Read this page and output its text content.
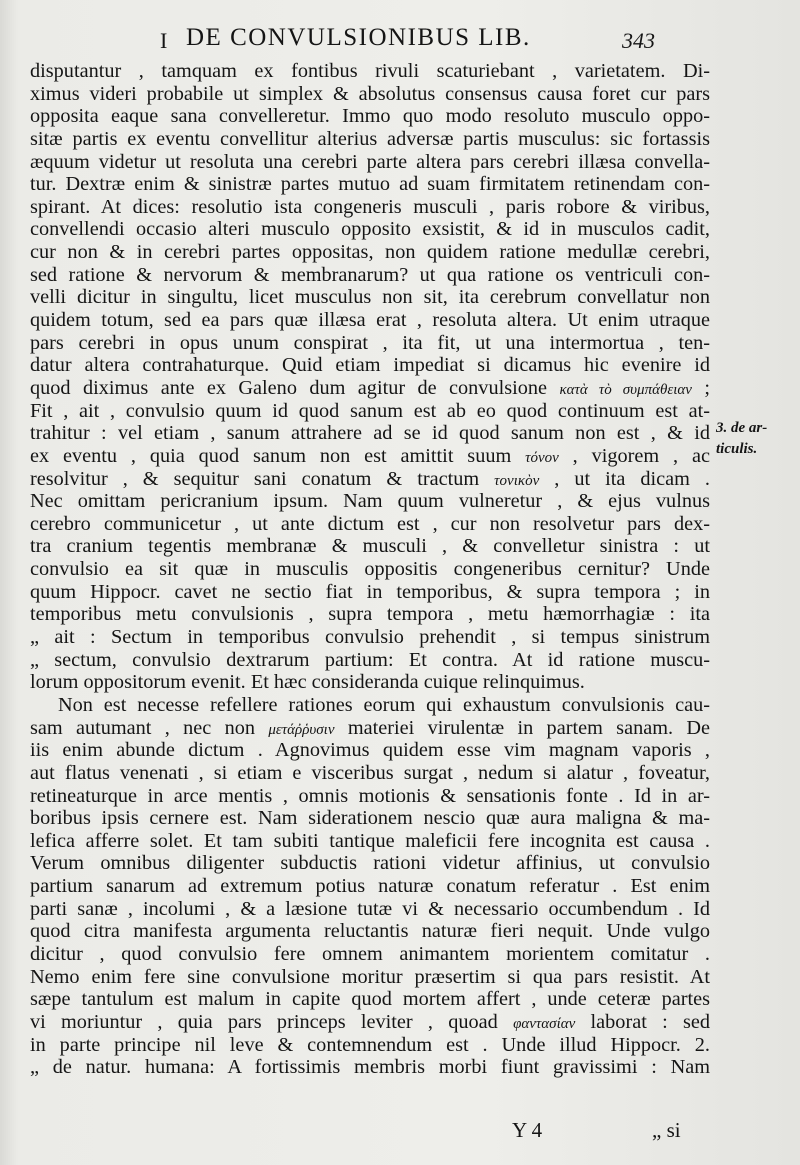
I DE CONVULSIONIBUS LIB.	343
disputantur , tamquam ex fontibus rivuli scaturiebant , varietatem. Di-
ximus videri probabile ut simplex & absolutus consensus causa foret cur pars
opposita eaque sana convelleretur. Immo quo modo resoluto musculo oppo-
sitæ partis ex eventu convellitur alterius adversæ partis musculus: sic fortassis
æquum videtur ut resoluta una cerebri parte altera pars cerebri illæsa convella-
tur. Dextræ enim & sinistræ partes mutuo ad suam firmitatem retinendam con-
spirant. At dices: resolutio ista congeneris musculi , paris robore & viribus,
convellendi occasio alteri musculo opposito exsistit, & id in musculos cadit,
cur non & in cerebri partes oppositas, non quidem ratione medullæ cerebri,
sed ratione & nervorum & membranarum? ut qua ratione os ventriculi con-
velli dicitur in singultu, licet musculus non sit, ita cerebrum convellatur non
quidem totum, sed ea pars quæ illæsa erat , resoluta altera. Ut enim utraque
pars cerebri in opus unum conspirat , ita fit, ut una intermortua , ten-
datur altera contrahaturque. Quid etiam impediat si dicamus hic evenire id
quod diximus ante ex Galeno dum agitur de convulsione κατὰ τὸ συμπάθειαν ;
Fit , ait , convulsio quum id quod sanum est ab eo quod continuum est at-
trahitur : vel etiam , sanum attrahere ad se id quod sanum non est , & id
ex eventu , quia quod sanum non est amittit suum τόνον , vigorem , ac
resolvitur , & sequitur sani conatum & tractum τονικὸν , ut ita dicam .
Nec omittam pericranium ipsum. Nam quum vulneretur , & ejus vulnus
cerebro communicetur , ut ante dictum est , cur non resolvetur pars dex-
tra cranium tegentis membranæ & musculi , & convelletur sinistra : ut
convulsio ea sit quæ in musculis oppositis congeneribus cernitur? Unde
quum Hippocr. cavet ne sectio fiat in temporibus, & supra tempora ; in
temporibus metu convulsionis , supra tempora , metu hæmorrhagiæ : ita
„ ait : Sectum in temporibus convulsio prehendit , si tempus sinistrum
„ sectum, convulsio dextrarum partium: Et contra. At id ratione muscu-
lorum oppositorum evenit. Et hæc consideranda cuique relinquimus.
Non est necesse refellere rationes eorum qui exhaustum convulsionis cau-
sam autumant , nec non μετάῤῥυσιν materiei virulentæ in partem sanam. De
iis enim abunde dictum . Agnovimus quidem esse vim magnam vaporis ,
aut flatus venenati , si etiam e visceribus surgat , nedum si alatur , foveatur,
retineaturque in arce mentis , omnis motionis & sensationis fonte . Id in ar-
boribus ipsis cernere est. Nam siderationem nescio quæ aura maligna & ma-
lefica afferre solet. Et tam subiti tantique maleficii fere incognita est causa .
Verum omnibus diligenter subductis rationi videtur affinius, ut convulsio
partium sanarum ad extremum potius naturæ conatum referatur . Est enim
parti sanæ , incolumi , & a læsione tutæ vi & necessario occumbendum . Id
quod citra manifesta argumenta reluctantis naturæ fieri nequit. Unde vulgo
dicitur , quod convulsio fere omnem animantem morientem comitatur .
Nemo enim fere sine convulsione moritur præsertim si qua pars resistit. At
sæpe tantulum est malum in capite quod mortem affert , unde ceteræ partes
vi moriuntur , quia pars princeps leviter , quoad φαντασίαν laborat : sed
in parte principe nil leve & contemnendum est . Unde illud Hippocr. 2.
„ de natur. humana: A fortissimis membris morbi fiunt gravissimi : Nam
3. de ar-
ticulis.
Y 4	„ si
